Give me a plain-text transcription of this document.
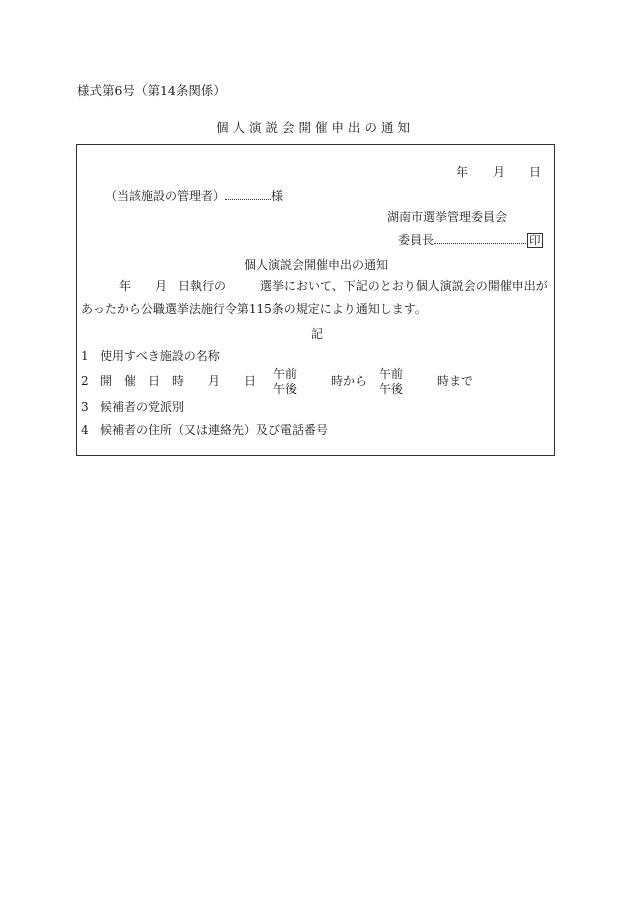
様式第6号（第14条関係）
個人演説会開催申出の通知
年 月 日
（当該施設の管理者）	様
湖南市選挙管理委員会
委員長	印
個人演説会開催申出の通知
年 月 日執行の	選挙において、下記のとおり個人演説会の開催申出が
あったから公職選挙法施行令第115条の規定により通知します。
記
1 使用すべき施設の名称
2 開　催　日　時 月 日 午前
午後
時から 午前
午後
時まで
3 候補者の党派別
4 候補者の住所（又は連絡先）及び電話番号
